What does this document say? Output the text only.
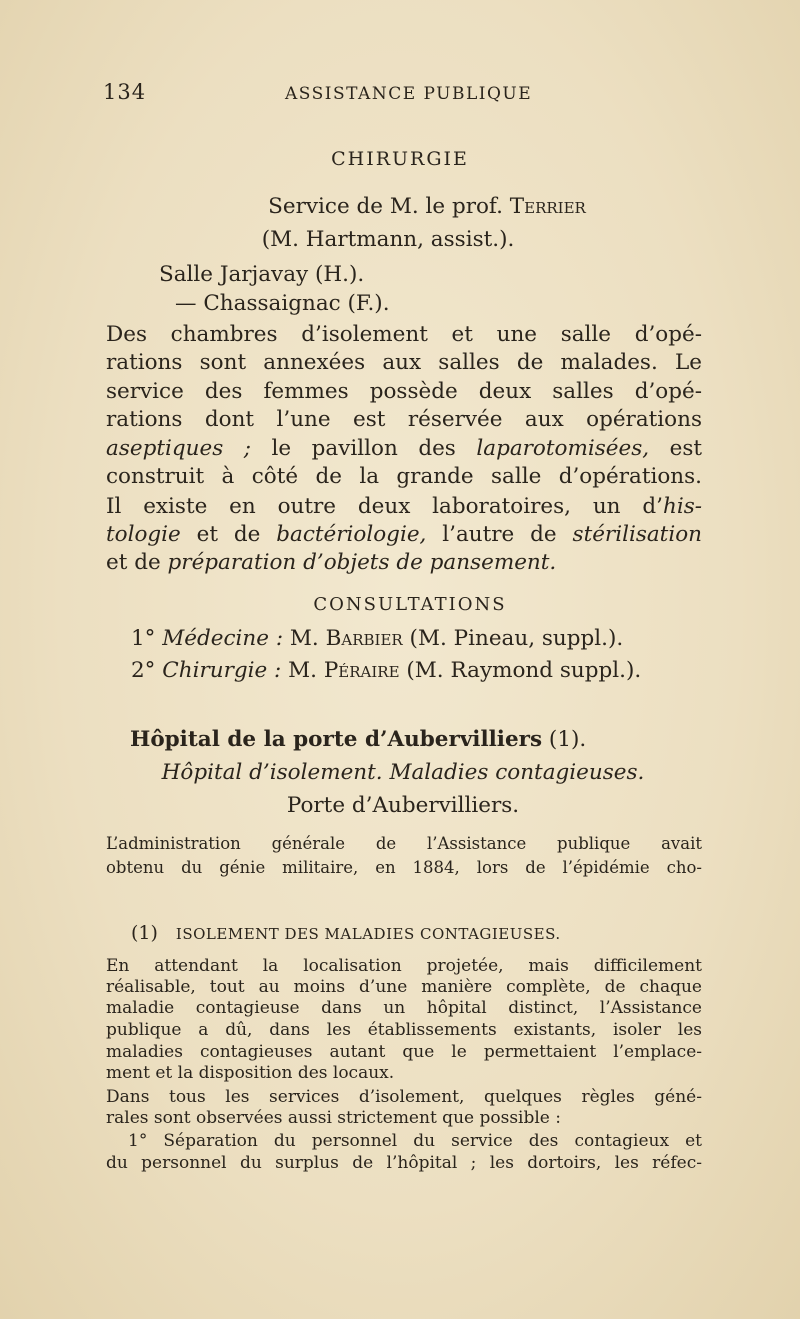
134	ASSISTANCE PUBLIQUE
CHIRURGIE
Service de M. le prof. Terrier
(M. Hartmann, assist.).
Salle Jarjavay (H.).
— Chassaignac (F.).
Des chambres d’isolement et une salle d’opé-
rations sont annexées aux salles de malades. Le
service des femmes possède deux salles d’opé-
rations dont l’une est réservée aux opérations
aseptiques ; le pavillon des laparotomisées, est
construit à côté de la grande salle d’opérations.
Il existe en outre deux laboratoires, un d’his-
tologie et de bactériologie, l’autre de stérilisation
et de préparation d’objets de pansement.
CONSULTATIONS
1° Médecine : M. Barbier (M. Pineau, suppl.).
2° Chirurgie : M. Péraire (M. Raymond suppl.).
Hôpital de la porte d’Aubervilliers (1).
Hôpital d’isolement. Maladies contagieuses.
Porte d’Aubervilliers.
L’administration générale de l’Assistance publique avait
obtenu du génie militaire, en 1884, lors de l’épidémie cho-
(1) ISOLEMENT DES MALADIES CONTAGIEUSES.
En attendant la localisation projetée, mais difficilement
réalisable, tout au moins d’une manière complète, de chaque
maladie contagieuse dans un hôpital distinct, l’Assistance
publique a dû, dans les établissements existants, isoler les
maladies contagieuses autant que le permettaient l’emplace-
ment et la disposition des locaux.
Dans tous les services d’isolement, quelques règles géné-
rales sont observées aussi strictement que possible :
1° Séparation du personnel du service des contagieux et
du personnel du surplus de l’hôpital ; les dortoirs, les réfec-
